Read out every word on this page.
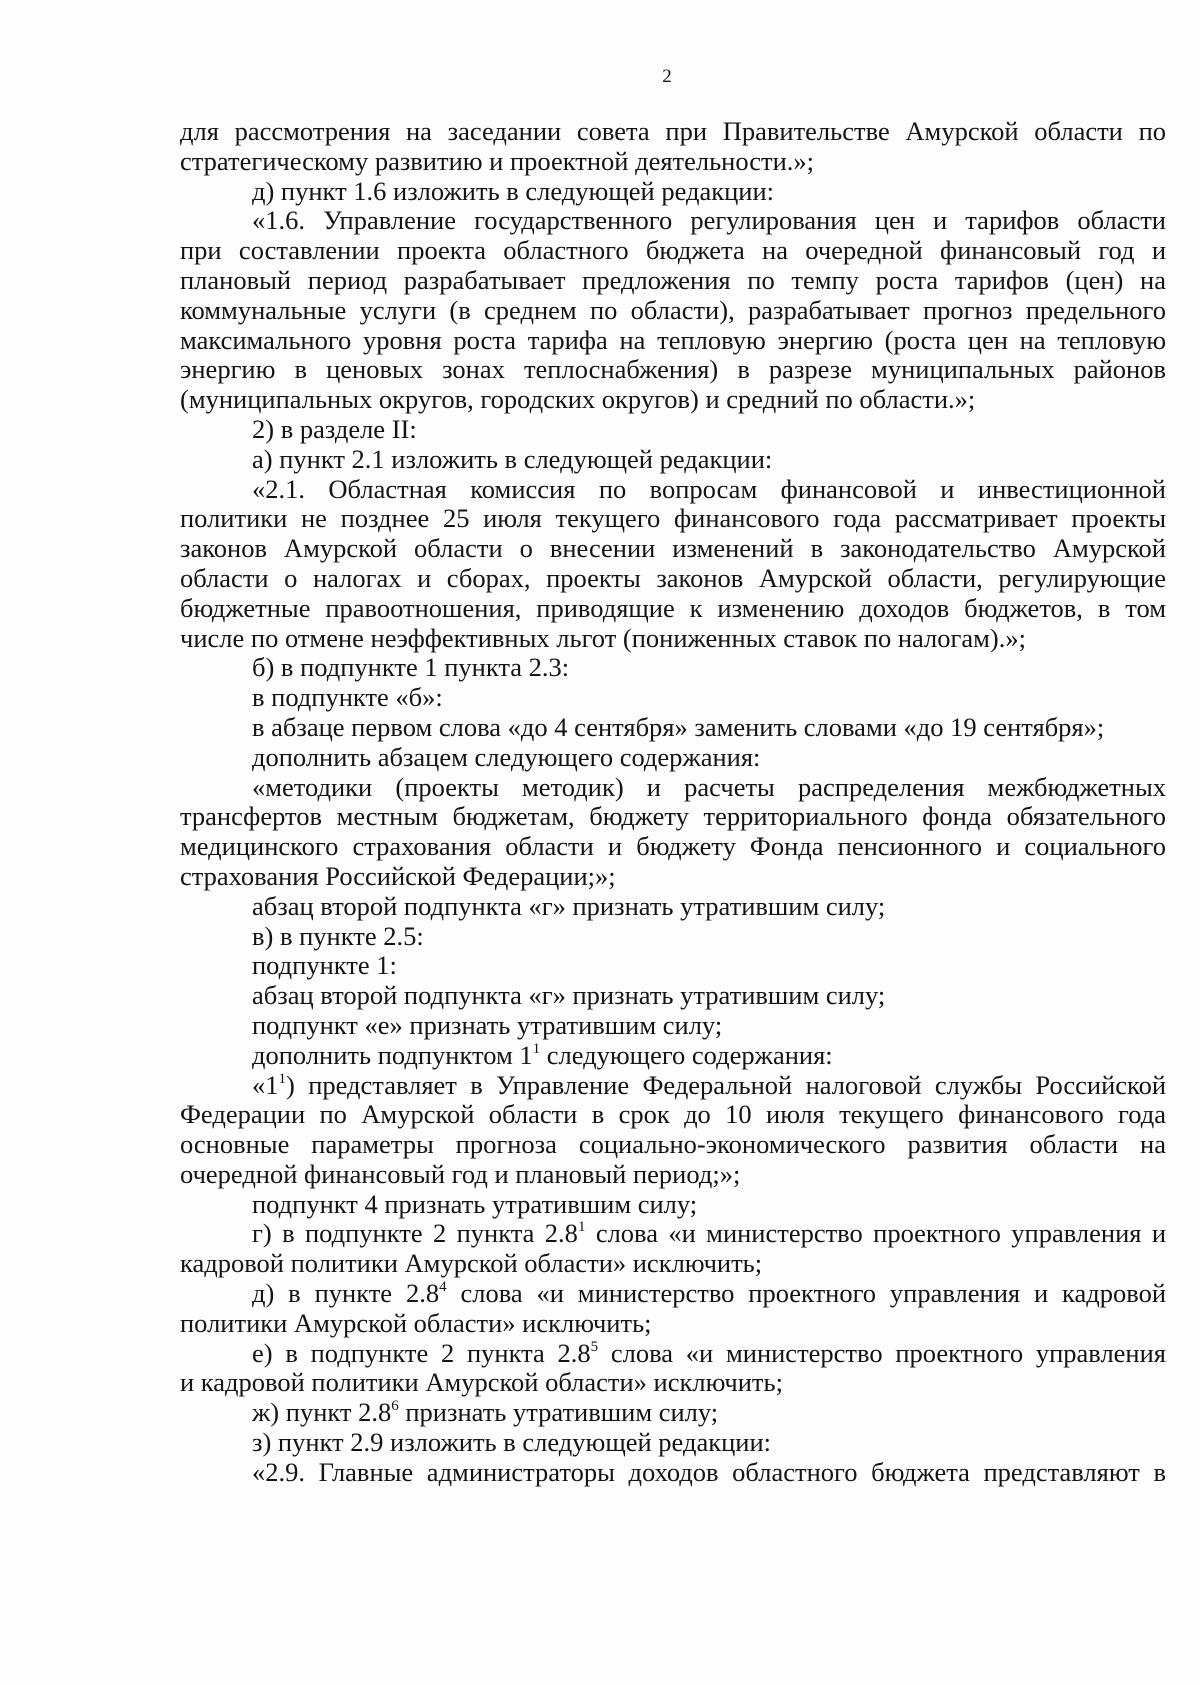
2
для рассмотрения на заседании совета при Правительстве Амурской области по
стратегическому развитию и проектной деятельности.»;
д) пункт 1.6 изложить в следующей редакции:
«1.6. Управление государственного регулирования цен и тарифов области
при составлении проекта областного бюджета на очередной финансовый год и
плановый период разрабатывает предложения по темпу роста тарифов (цен) на
коммунальные услуги (в среднем по области), разрабатывает прогноз предельного
максимального уровня роста тарифа на тепловую энергию (роста цен на тепловую
энергию в ценовых зонах теплоснабжения) в разрезе муниципальных районов
(муниципальных округов, городских округов) и средний по области.»;
2) в разделе II:
а) пункт 2.1 изложить в следующей редакции:
«2.1. Областная комиссия по вопросам финансовой и инвестиционной
политики не позднее 25 июля текущего финансового года рассматривает проекты
законов Амурской области о внесении изменений в законодательство Амурской
области о налогах и сборах, проекты законов Амурской области, регулирующие
бюджетные правоотношения, приводящие к изменению доходов бюджетов, в том
числе по отмене неэффективных льгот (пониженных ставок по налогам).»;
б) в подпункте 1 пункта 2.3:
в подпункте «б»:
в абзаце первом слова «до 4 сентября» заменить словами «до 19 сентября»;
дополнить абзацем следующего содержания:
«методики (проекты методик) и расчеты распределения межбюджетных
трансфертов местным бюджетам, бюджету территориального фонда обязательного
медицинского страхования области и бюджету Фонда пенсионного и социального
страхования Российской Федерации;»;
абзац второй подпункта «г» признать утратившим силу;
в) в пункте 2.5:
подпункте 1:
абзац второй подпункта «г» признать утратившим силу;
подпункт «е» признать утратившим силу;
дополнить подпунктом $1^1$ следующего содержания:
«$1^1$) представляет в Управление Федеральной налоговой службы Российской
Федерации по Амурской области в срок до 10 июля текущего финансового года
основные параметры прогноза социально-экономического развития области на
очередной финансовый год и плановый период;»;
подпункт 4 признать утратившим силу;
г) в подпункте 2 пункта $2.8^1$ слова «и министерство проектного управления и
кадровой политики Амурской области» исключить;
д) в пункте $2.8^4$ слова «и министерство проектного управления и кадровой
политики Амурской области» исключить;
е) в подпункте 2 пункта $2.8^5$ слова «и министерство проектного управления
и кадровой политики Амурской области» исключить;
ж) пункт $2.8^6$ признать утратившим силу;
з) пункт 2.9 изложить в следующей редакции:
«2.9. Главные администраторы доходов областного бюджета представляют в
